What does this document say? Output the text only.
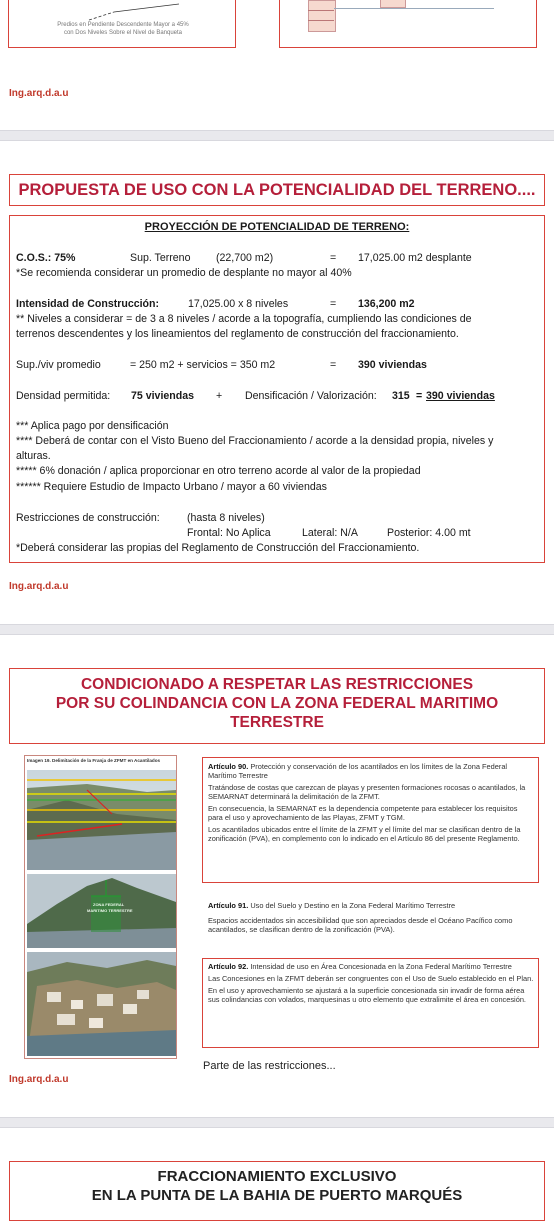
Predios en Pendiente Descendente Mayor a 45%
con Dos Niveles Sobre el Nivel de Banqueta
Ing.arq.d.a.u
PROPUESTA DE USO CON LA POTENCIALIDAD DEL TERRENO....
PROYECCIÓN DE POTENCIALIDAD DE TERRENO:
C.O.S.: 75%	Sup. Terreno (22,700 m2)	= 17,025.00 m2 desplante
*Se recomienda considerar un promedio de desplante no mayor al 40%
Intensidad de Construcción:	17,025.00 x 8 niveles	= 136,200 m2
** Niveles a considerar = de 3 a 8 niveles / acorde a la topografía, cumpliendo las condiciones de
terrenos descendentes y los lineamientos del reglamento de construcción del fraccionamiento.
Sup./viv promedio	= 250 m2 + servicios = 350 m2	= 390 viviendas
Densidad permitida: 75 viviendas + Densificación / Valorización: 315 = 390 viviendas
*** Aplica pago por densificación
**** Deberá de contar con el Visto Bueno del Fraccionamiento / acorde a la densidad propia, niveles y
alturas.
***** 6% donación / aplica proporcionar en otro terreno acorde al valor de la propiedad
****** Requiere Estudio de Impacto Urbano / mayor a 60 viviendas
Restricciones de construcción:	(hasta 8 niveles)
Frontal: No Aplica	Lateral: N/A	Posterior: 4.00 mt
*Deberá considerar las propias del Reglamento de Construcción del Fraccionamiento.
Ing.arq.d.a.u
CONDICIONADO A RESPETAR LAS RESTRICCIONES
POR SU COLINDANCIA CON LA ZONA FEDERAL MARITIMO
TERRESTRE
Imagen 19. Delimitación de la Franja de ZFMT en Acantilados
ZONA FEDERAL
MARITIMO TERRESTRE

Artículo 90. Protección y conservación de los acantilados en los límites de la Zona Federal Marítimo Terrestre

Tratándose de costas que carezcan de playas y presenten formaciones rocosas o acantilados, la SEMARNAT determinará la delimitación de la ZFMT.

En consecuencia, la SEMARNAT es la dependencia competente para establecer los requisitos para el uso y aprovechamiento de las Playas, ZFMT y TGM.

Los acantilados ubicados entre el límite de la ZFMT y el límite del mar se clasifican dentro de la zonificación (PVA), en complemento con lo indicado en el Artículo 86 del presente Reglamento.

Artículo 91. Uso del Suelo y Destino en la Zona Federal Marítimo Terrestre

Espacios accidentados sin accesibilidad que son apreciados desde el Océano Pacífico como acantilados, se clasifican dentro de la zonificación (PVA).

Artículo 92. Intensidad de uso en Área Concesionada en la Zona Federal Marítimo Terrestre

Las Concesiones en la ZFMT deberán ser congruentes con el Uso de Suelo establecido en el Plan.

En el uso y aprovechamiento se ajustará a la superficie concesionada sin invadir de forma aérea sus colindancias con volados, marquesinas u otro elemento que extralimite el área en concesión.

Parte de las restricciones...
Ing.arq.d.a.u
FRACCIONAMIENTO EXCLUSIVO
EN LA PUNTA DE LA BAHIA DE PUERTO MARQUÉS
